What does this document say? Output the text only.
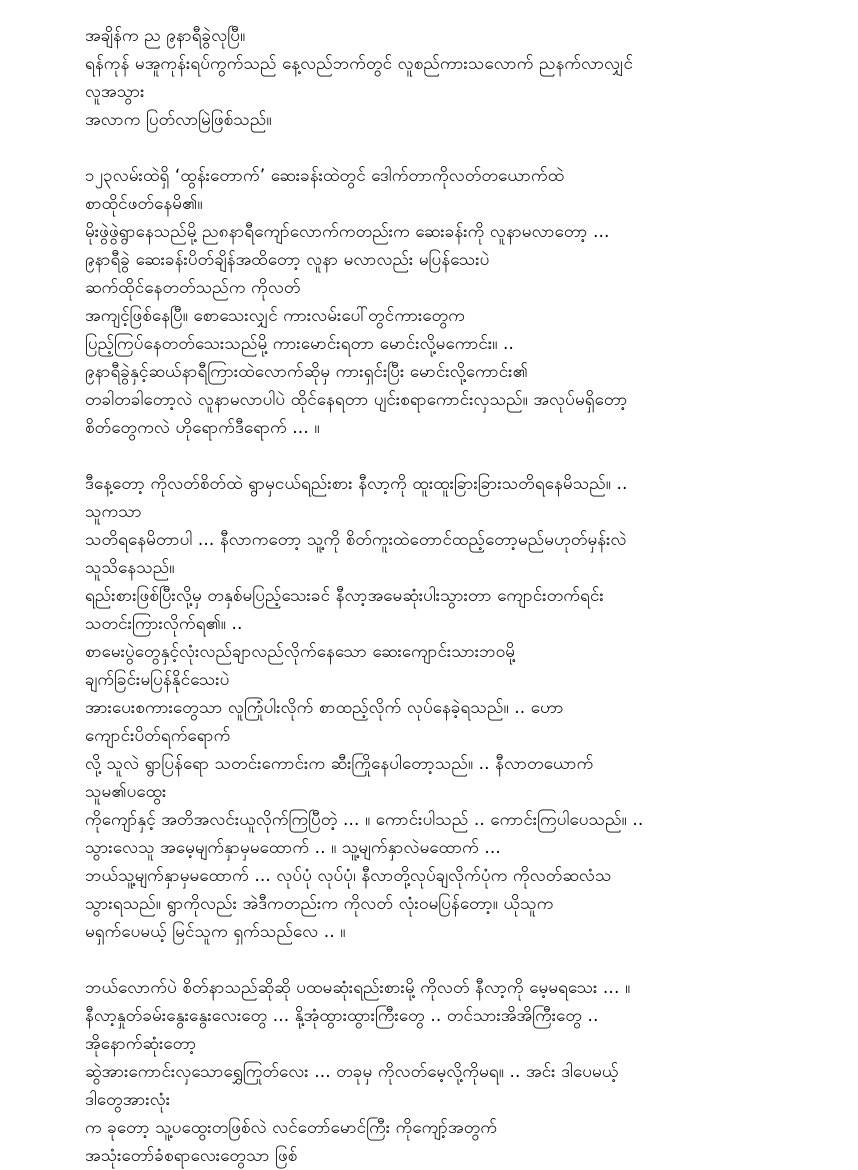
အချိန်က ည ၉နာရီခွဲလုပြီ။
ရန်ကုန် မအူကုန်းရပ်ကွက်သည် နေ့လည်ဘက်တွင် လူစည်ကားသလောက် ညနက်လာလျှင်
လူအသွား
အလာက ပြတ်လာမြဲဖြစ်သည်။
၁၂၃လမ်းထဲရှိ ‘ထွန်းတောက်’ ဆေးခန်းထဲတွင် ဒေါက်တာကိုလတ်တယောက်ထဲ
စာထိုင်ဖတ်နေမိ၏။
မိုးဖွဲဖွဲရွာနေသည်မို့ ည၈နာရီကျော်လောက်ကတည်းက ဆေးခန်းကို လူနာမလာတော့ ...
၉နာရီခွဲ ဆေးခန်းပိတ်ချိန်အထိတော့ လူနာ မလာလည်း မပြန်သေးပဲ
ဆက်ထိုင်နေတတ်သည်က ကိုလတ်
အကျင့်ဖြစ်နေပြီ။ စောသေးလျှင် ကားလမ်းပေါ်တွင်ကားတွေက
ပြည့်ကြပ်နေတတ်သေးသည်မို့ ကားမောင်းရတာ မောင်းလို့မကောင်း။ ..
၉နာရီခွဲနှင့်ဆယ်နာရီကြားထဲလောက်ဆိုမှ ကားရှင်းပြီး မောင်းလို့ကောင်း၏
တခါတခါတော့လဲ လူနာမလာပါပဲ ထိုင်နေရတာ ပျင်းစရာကောင်းလှသည်။ အလုပ်မရှိတော့
စိတ်တွေကလဲ ဟိုရောက်ဒီရောက် ... ။
ဒီနေ့တော့ ကိုလတ်စိတ်ထဲ ရွာမှငယ်ရည်းစား နီလာ့ကို ထူးထူးခြားခြားသတိရနေမိသည်။ ..
သူကသာ
သတိရနေမိတာပါ ... နီလာကတော့ သူ့ကို စိတ်ကူးထဲတောင်ထည့်တော့မည်မဟုတ်မှန်းလဲ
သူသိနေသည်။
ရည်းစားဖြစ်ပြီးလို့မှ တနှစ်မပြည့်သေးခင် နီလာ့အမေဆုံးပါးသွားတာ ကျောင်းတက်ရင်း
သတင်းကြားလိုက်ရ၏။ ..
စာမေးပွဲတွေနှင့်လုံးလည်ချာလည်လိုက်နေသော ဆေးကျောင်းသားဘဝမို့
ချက်ခြင်းမပြန်နိုင်သေးပဲ
အားပေးစကားတွေသာ လူကြုံပါးလိုက် စာထည့်လိုက် လုပ်နေခဲ့ရသည်။ .. ဟော
ကျောင်းပိတ်ရက်ရောက်
လို့ သူလဲ ရွာပြန်ရော သတင်းကောင်းက ဆီးကြိုနေပါတော့သည်။ .. နီလာတယောက်
သူမ၏ပထွေး
ကိုကျော်နှင့် အတိအလင်းယူလိုက်ကြပြီတဲ့ ... ။ ကောင်းပါသည် .. ကောင်းကြပါပေသည်။ ..
သွားလေသူ အမေ့မျက်နှာမှမထောက် .. ။ သူ့မျက်နှာလဲမထောက် ...
ဘယ်သူ့မျက်နှာမှမထောက် ... လုပ်ပုံ လုပ်ပုံ၊ နီလာတို့လုပ်ချလိုက်ပုံက ကိုလတ်ဆလံသ
သွားရသည်။ ရွာကိုလည်း အဲဒီကတည်းက ကိုလတ် လုံးဝမပြန်တော့။ ယိုသူက
မရှက်ပေမယ့် မြင်သူက ရှက်သည်လေ .. ။
ဘယ်လောက်ပဲ စိတ်နာသည်ဆိုဆို ပထမဆုံးရည်းစားမို့ ကိုလတ် နီလာ့ကို မေ့မရသေး ... ။
နီလာ့နှုတ်ခမ်းနွေးနွေးလေးတွေ ... နို့အုံထွားထွားကြီးတွေ .. တင်သားအိအိကြီးတွေ ..
အိုနောက်ဆုံးတော့
ဆွဲအားကောင်းလှသောရွှေကြုတ်လေး ... တခုမှ ကိုလတ်မေ့လို့ကိုမရ။ .. အင်း ဒါပေမယ့်
ဒါတွေအားလုံး
က ခုတော့ သူ့ပထွေးတဖြစ်လဲ လင်တော်မောင်ကြီး ကိုကျော့်အတွက်
အသုံးတော်ခံစရာလေးတွေသာ ဖြစ်
